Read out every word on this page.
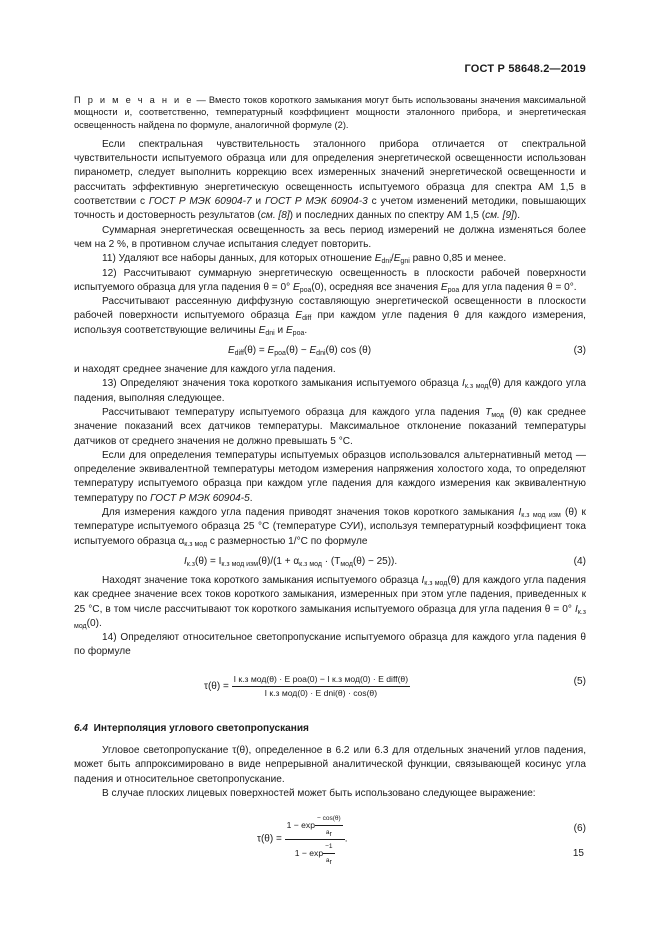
ГОСТ Р 58648.2—2019

П р и м е ч а н и е — Вместо токов короткого замыкания могут быть использованы значения максимальной мощности и, соответственно, температурный коэффициент мощности эталонного прибора, и энергетическая освещенность найдена по формуле, аналогичной формуле (2).

Если спектральная чувствительность эталонного прибора отличается от спектральной чувствительности испытуемого образца или для определения энергетической освещенности использован пиранометр, следует выполнить коррекцию всех измеренных значений энергетической освещенности и рассчитать эффективную энергетическую освещенность испытуемого образца для спектра АМ 1,5 в соответствии с ГОСТ Р МЭК 60904-7 и ГОСТ Р МЭК 60904-3 с учетом изменений методики, повышающих точность и достоверность результатов (см. [8]) и последних данных по спектру АМ 1,5 (см. [9]).

Суммарная энергетическая освещенность за весь период измерений не должна изменяться более чем на 2 %, в противном случае испытания следует повторить.

11) Удаляют все наборы данных, для которых отношение $E_{dni}/E_{gni}$ равно 0,85 и менее.

12) Рассчитывают суммарную энергетическую освещенность в плоскости рабочей поверхности испытуемого образца для угла падения θ = 0° $E_{poa}(0)$, осредняя все значения $E_{poa}$ для угла падения θ = 0°.

Рассчитывают рассеянную диффузную составляющую энергетической освещенности в плоскости рабочей поверхности испытуемого образца $E_{diff}$ при каждом угле падения θ для каждого измерения, используя соответствующие величины $E_{dni}$ и $E_{poa}$.

$E_{diff}(\theta) = E_{poa}(\theta) - E_{dni}(\theta)$ cos (θ)	(3)

и находят среднее значение для каждого угла падения.

13) Определяют значения тока короткого замыкания испытуемого образца $I_{к.з мод}(\theta)$ для каждого угла падения, выполняя следующее.

Рассчитывают температуру испытуемого образца для каждого угла падения $T_{мод}$ (θ) как среднее значение показаний всех датчиков температуры. Максимальное отклонение показаний температуры датчиков от среднего значения не должно превышать 5 °С.

Если для определения температуры испытуемых образцов использовался альтернативный метод — определение эквивалентной температуры методом измерения напряжения холостого хода, то определяют температуру испытуемого образца при каждом угле падения для каждого измерения как эквивалентную температуру по ГОСТ Р МЭК 60904-5.

Для измерения каждого угла падения приводят значения токов короткого замыкания $I_{к.з мод изм}$ (θ) к температуре испытуемого образца 25 °С (температуре СУИ), используя температурный коэффициент тока испытуемого образца $\alpha_{к.з мод}$ с размерностью 1/°С по формуле

$I_{к.з}(\theta) = I_{к.з мод изм}(\theta)/(1 + \alpha_{к.з мод} \cdot (T_{мод}(\theta) - 25))$.	(4)

Находят значение тока короткого замыкания испытуемого образца $I_{к.з мод}(\theta)$ для каждого угла падения как среднее значение всех токов короткого замыкания, измеренных при этом угле падения, приведенных к 25 °С, в том числе рассчитывают ток короткого замыкания испытуемого образца для угла падения θ = 0° $I_{к.з мод}(0)$.

14) Определяют относительное светопропускание испытуемого образца для каждого угла падения θ по формуле

$\tau(\theta) = \frac{\text{I к.з мод(θ) · E poa(0) − I к.з мод(0) · E diff(θ)}}{\text{I к.з мод(0) · E dni(θ) · cos(θ)}}$	(5)

6.4 Интерполяция углового светопропускания

Угловое светопропускание τ(θ), определенное в 6.2 или 6.3 для отдельных значений углов падения, может быть аппроксимировано в виде непрерывной аналитической функции, связывающей косинус угла падения и относительное светопропускание.

В случае плоских лицевых поверхностей может быть использовано следующее выражение:

$\tau(\theta) = \frac{1 - \exp \frac{- \cos(\theta)}{a_r}}{1 - \exp \frac{-1}{a_r}}$ .
(6)
15
